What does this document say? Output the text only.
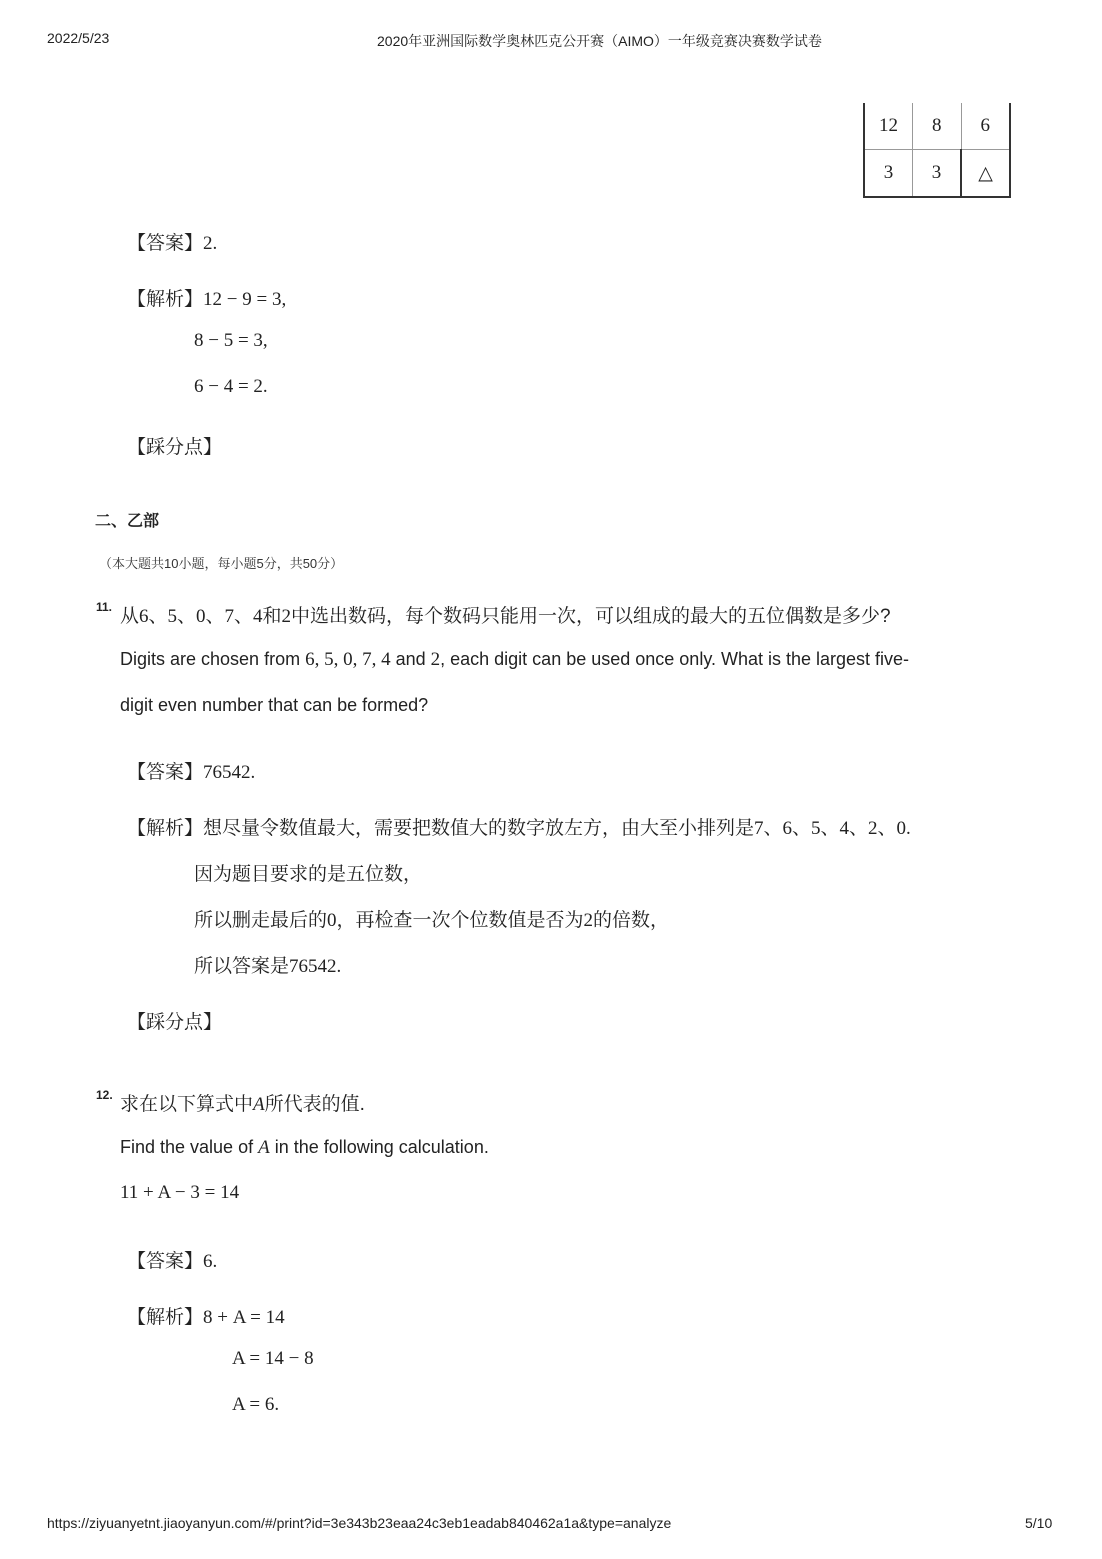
2022/5/23	2020年亚洲国际数学奥林匹克公开赛（AIMO）一年级竞赛决赛数学试卷
12	8	6
3	3	△
【答案】2.
【解析】12 − 9 = 3,
8 − 5 = 3,
6 − 4 = 2.
【踩分点】
二、乙部
（本大题共10小题，每小题5分，共50分）
11. 从6、5、0、7、4和2中选出数码，每个数码只能用一次，可以组成的最大的五位偶数是多少?
Digits are chosen from 6, 5, 0, 7, 4 and 2, each digit can be used once only. What is the largest five-
digit even number that can be formed?
【答案】76542.
【解析】想尽量令数值最大，需要把数值大的数字放左方，由大至小排列是7、6、5、4、2、0.
因为题目要求的是五位数，
所以删走最后的0，再检查一次个位数值是否为2的倍数，
所以答案是76542.
【踩分点】
12. 求在以下算式中A所代表的值.
Find the value of A in the following calculation.
11 + A − 3 = 14
【答案】6.
【解析】8 + A = 14
A = 14 − 8
A = 6.
https://ziyuanyetnt.jiaoyanyun.com/#/print?id=3e343b23eaa24c3eb1eadab840462a1a&type=analyze	5/10
